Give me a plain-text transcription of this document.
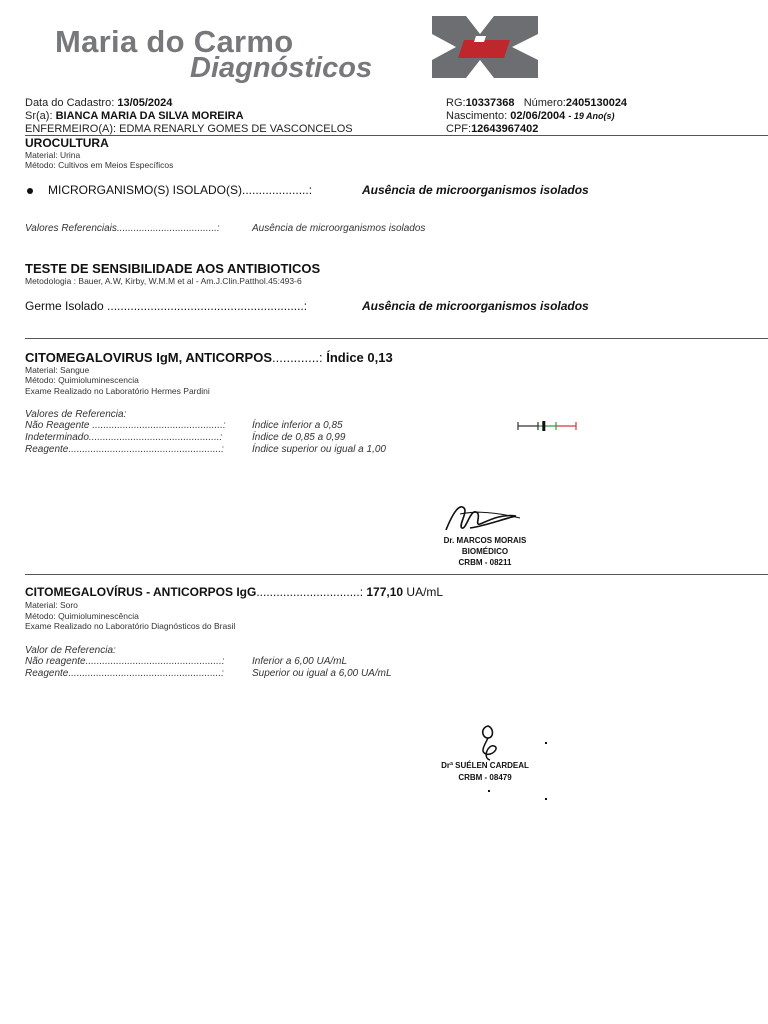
Maria do Carmo
Diagnósticos
Data do Cadastro: 13/05/2024
Sr(a): BIANCA MARIA DA SILVA MOREIRA
ENFERMEIRO(A): EDMA RENARLY GOMES DE VASCONCELOS
RG:10337368 Número:2405130024
Nascimento: 02/06/2004 - 19 Ano(s)
CPF:12643967402
UROCULTURA
Material: Urina
Método: Cultivos em Meios Específicos
MICRORGANISMO(S) ISOLADO(S)....................:	Ausência de microorganismos isolados
Valores Referenciais....................................:	Ausência de microorganismos isolados
TESTE DE SENSIBILIDADE AOS ANTIBIOTICOS
Metodologia : Bauer, A.W, Kirby, W.M.M et al - Am.J.Clin.Patthol.45:493-6
Germe Isolado ...........................................................:	Ausência de microorganismos isolados
CITOMEGALOVIRUS IgM, ANTICORPOS.............: Índice 0,13
Material: Sangue
Método: Quimioluminescencia
Exame Realizado no Laboratório Hermes Pardini
Valores de Referencia:
Não Reagente ...............................................:	Índice inferior a 0,85
Indeterminado...............................................:	Índice de 0,85 a 0,99
Reagente.......................................................:	Índice superior ou igual a 1,00
Dr. MARCOS MORAIS
BIOMÉDICO
CRBM - 08211
CITOMEGALOVÍRUS - ANTICORPOS IgG...............................: 177,10 UA/mL
Material: Soro
Método: Quimioluminescência
Exame Realizado no Laboratório Diagnósticos do Brasil
Valor de Referencia:
Não reagente.................................................:	Inferior a 6,00 UA/mL
Reagente.......................................................:	Superior ou igual a 6,00 UA/mL
Drª SUÉLEN CARDEAL
CRBM - 08479
